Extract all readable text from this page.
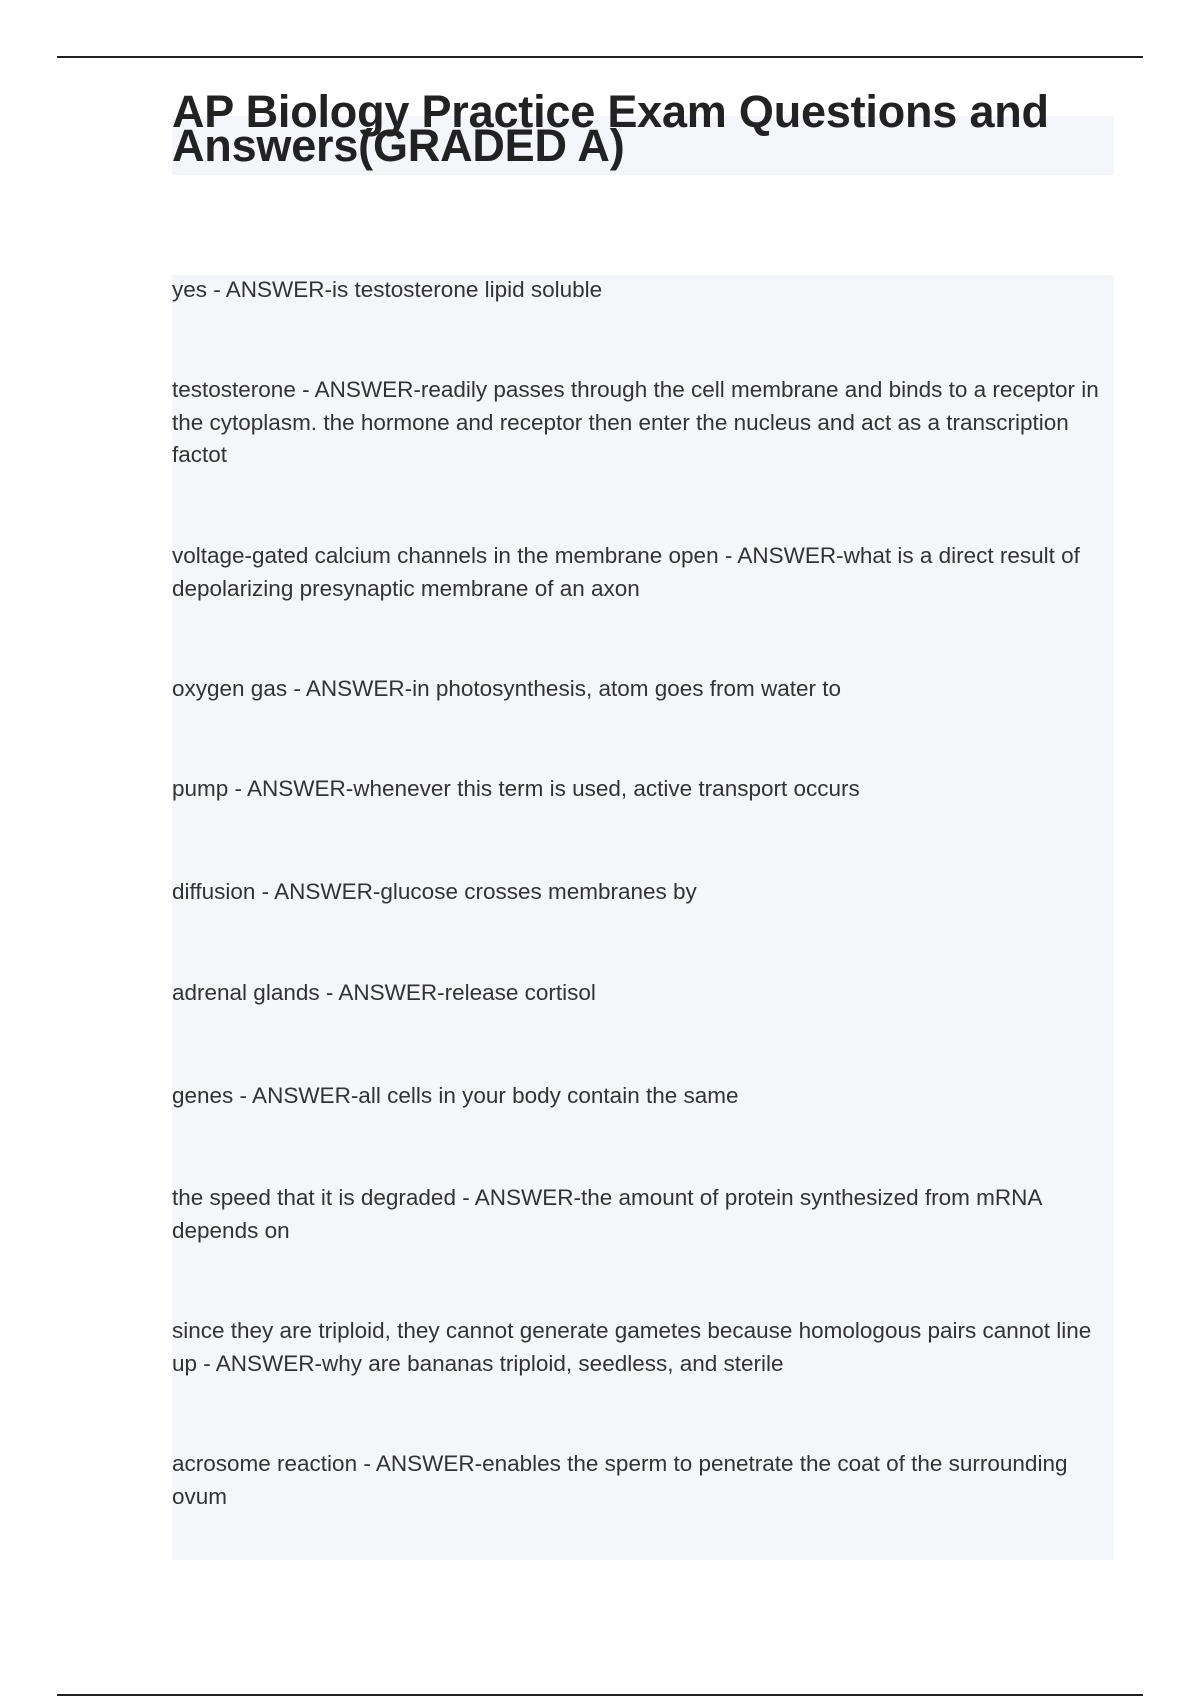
AP Biology Practice Exam Questions and Answers(GRADED A)

yes - ANSWER-is testosterone lipid soluble

testosterone - ANSWER-readily passes through the cell membrane and binds to a receptor in the cytoplasm. the hormone and receptor then enter the nucleus and act as a transcription factot

voltage-gated calcium channels in the membrane open - ANSWER-what is a direct result of depolarizing presynaptic membrane of an axon

oxygen gas - ANSWER-in photosynthesis, atom goes from water to

pump - ANSWER-whenever this term is used, active transport occurs

diffusion - ANSWER-glucose crosses membranes by

adrenal glands - ANSWER-release cortisol

genes - ANSWER-all cells in your body contain the same

the speed that it is degraded - ANSWER-the amount of protein synthesized from mRNA depends on

since they are triploid, they cannot generate gametes because homologous pairs cannot line up - ANSWER-why are bananas triploid, seedless, and sterile

acrosome reaction - ANSWER-enables the sperm to penetrate the coat of the surrounding ovum
